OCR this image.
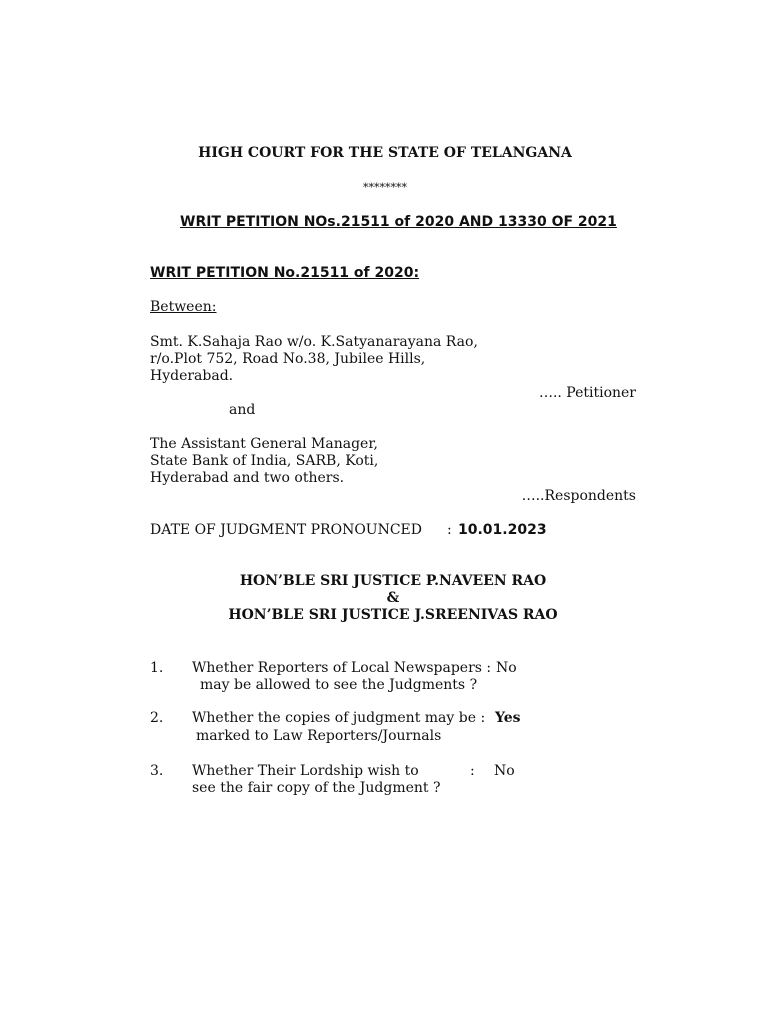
HIGH COURT FOR THE STATE OF TELANGANA
********
WRIT PETITION NOs.21511 of 2020 AND 13330 OF 2021
WRIT PETITION No.21511 of 2020:
Between:
Smt. K.Sahaja Rao w/o. K.Satyanarayana Rao,
r/o.Plot 752, Road No.38, Jubilee Hills,
Hyderabad.
….. Petitioner
and
The Assistant General Manager,
State Bank of India, SARB, Koti,
Hyderabad and two others.
…..Respondents
DATE OF JUDGMENT PRONOUNCED : 10.01.2023
HON’BLE SRI JUSTICE P.NAVEEN RAO
&
HON’BLE SRI JUSTICE J.SREENIVAS RAO
1. Whether Reporters of Local Newspapers :
may be allowed to see the Judgments ?
No
2. Whether the copies of judgment may be :
marked to Law Reporters/Journals
Yes
3. Whether Their Lordship wish to	:
see the fair copy of the Judgment ?
No
